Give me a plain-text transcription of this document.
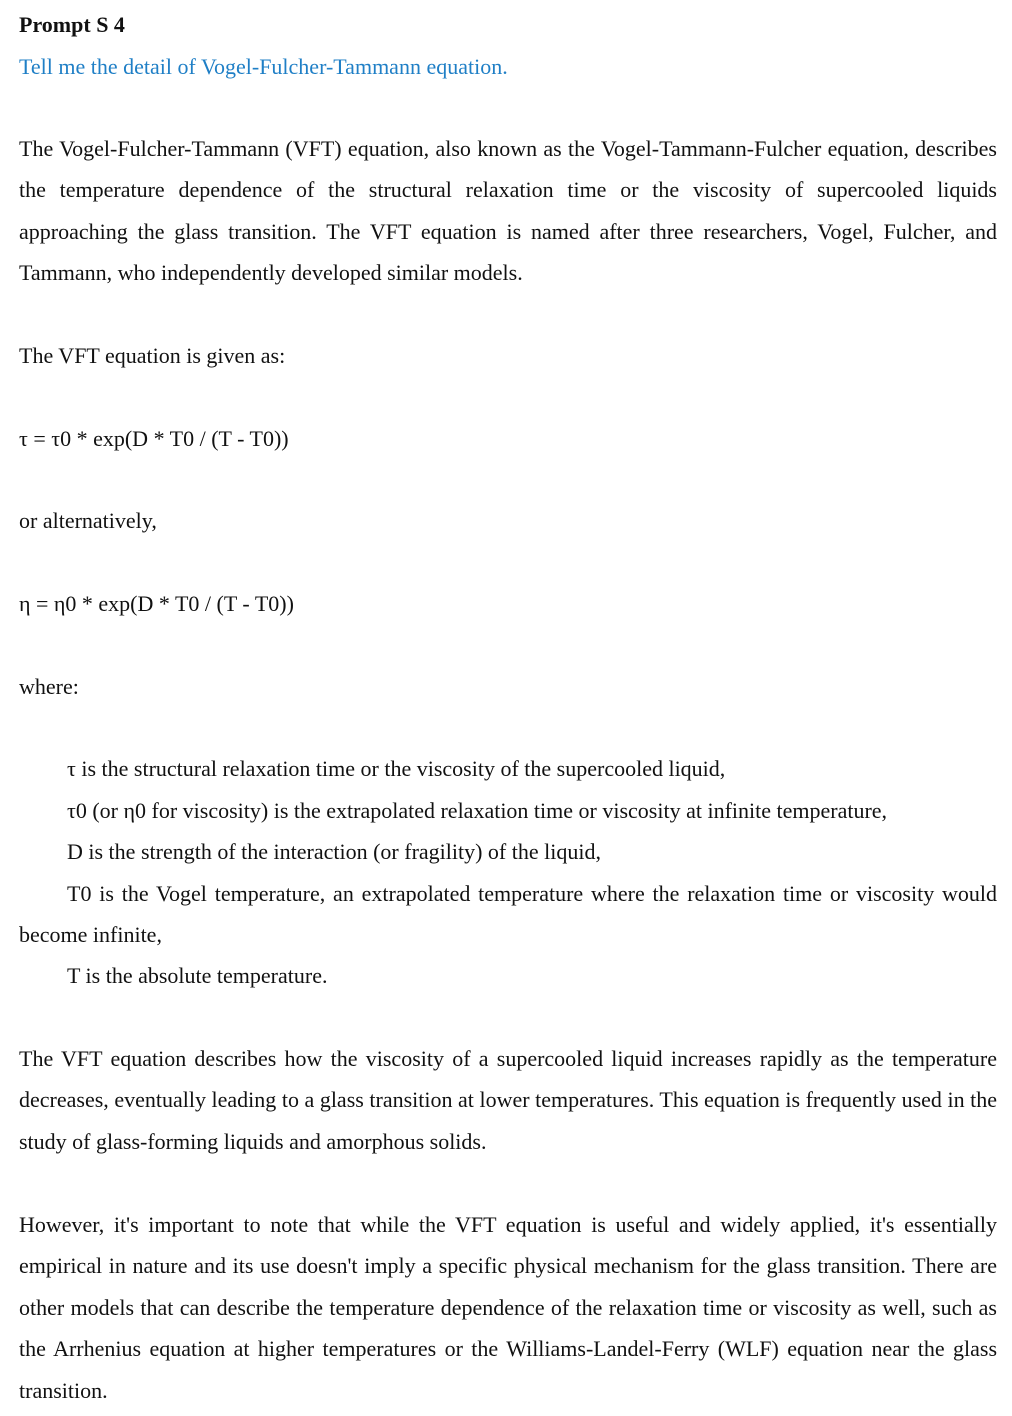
Prompt S 4
Tell me the detail of Vogel-Fulcher-Tammann equation.

The Vogel-Fulcher-Tammann (VFT) equation, also known as the Vogel-Tammann-Fulcher equation, describes the temperature dependence of the structural relaxation time or the viscosity of supercooled liquids approaching the glass transition. The VFT equation is named after three researchers, Vogel, Fulcher, and Tammann, who independently developed similar models.

The VFT equation is given as:
τ = τ0 * exp(D * T0 / (T - T0))
or alternatively,
η = η0 * exp(D * T0 / (T - T0))
where:
τ is the structural relaxation time or the viscosity of the supercooled liquid,
τ0 (or η0 for viscosity) is the extrapolated relaxation time or viscosity at infinite temperature,
D is the strength of the interaction (or fragility) of the liquid,

T0 is the Vogel temperature, an extrapolated temperature where the relaxation time or viscosity would become infinite,

T is the absolute temperature.

The VFT equation describes how the viscosity of a supercooled liquid increases rapidly as the temperature decreases, eventually leading to a glass transition at lower temperatures. This equation is frequently used in the study of glass-forming liquids and amorphous solids.

However, it's important to note that while the VFT equation is useful and widely applied, it's essentially empirical in nature and its use doesn't imply a specific physical mechanism for the glass transition. There are other models that can describe the temperature dependence of the relaxation time or viscosity as well, such as the Arrhenius equation at higher temperatures or the Williams-Landel-Ferry (WLF) equation near the glass transition.
